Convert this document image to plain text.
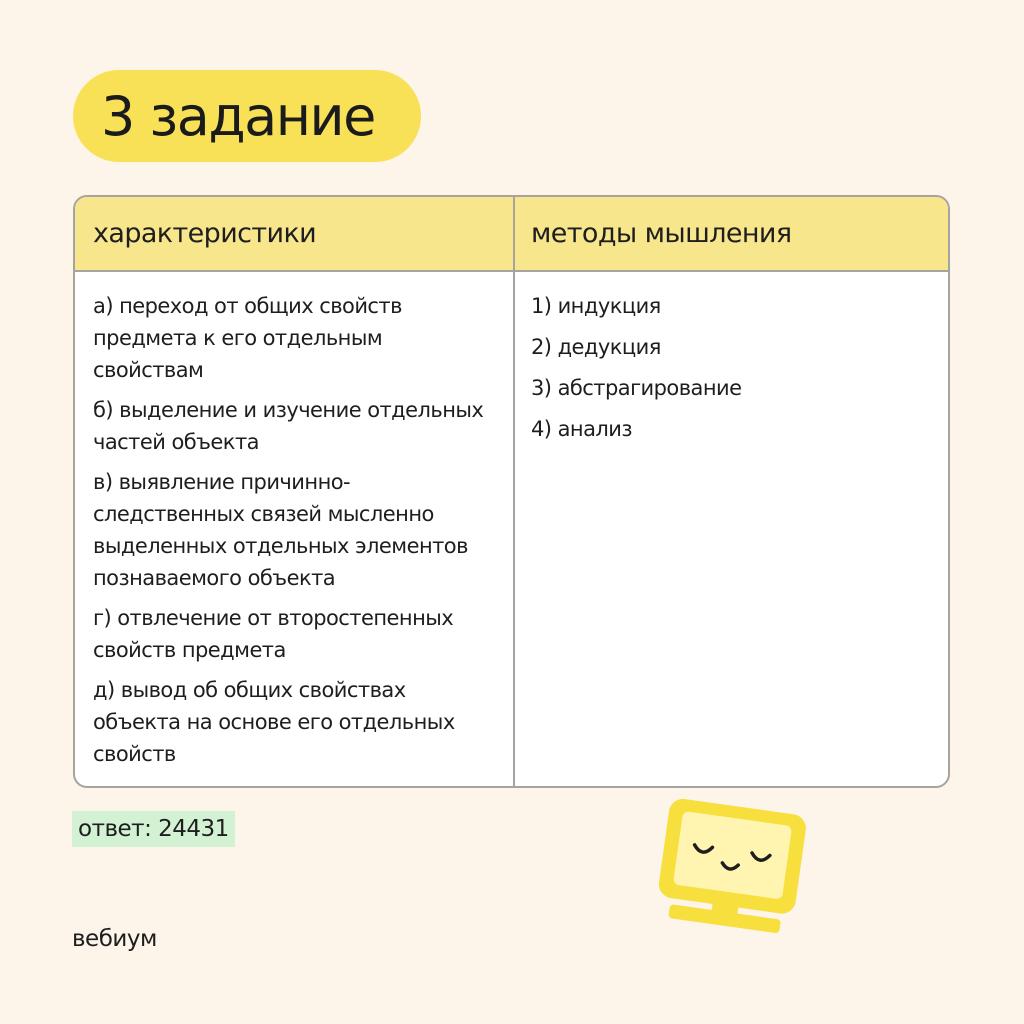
3 задание
характеристики	методы мышления

а) переход от общих свойств предмета к его отдельным свойствам

б) выделение и изучение отдельных частей объекта

в) выявление причинно-следственных связей мысленно выделенных отдельных элементов познаваемого объекта

г) отвлечение от второстепенных свойств предмета

д) вывод об общих свойствах объекта на основе его отдельных свойств

1) индукция

2) дедукция

3) абстрагирование

4) анализ

ответ: 24431
вебиум
